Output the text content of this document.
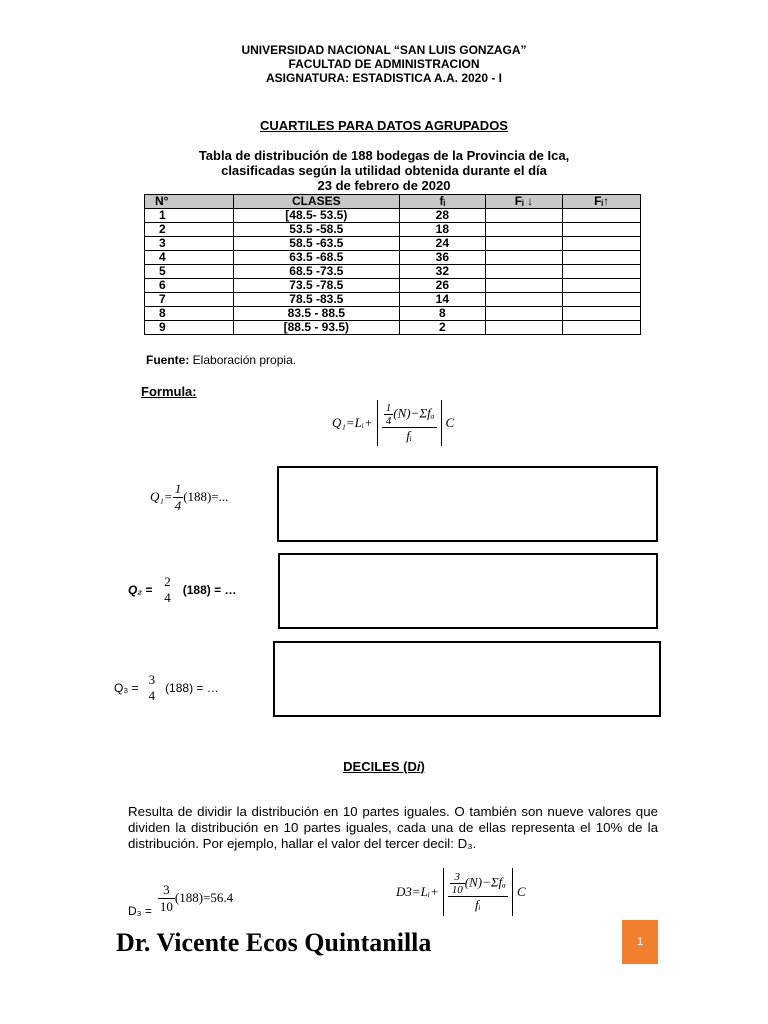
UNIVERSIDAD NACIONAL “SAN LUIS GONZAGA”
FACULTAD DE ADMINISTRACION
ASIGNATURA: ESTADISTICA A.A. 2020 - I
CUARTILES PARA DATOS AGRUPADOS
Tabla de distribución de 188 bodegas de la Provincia de Ica,
clasificadas según la utilidad obtenida durante el día
23 de febrero de 2020
N°	CLASES	fᵢ	Fᵢ ↓	Fᵢ↑
1	[48.5- 53.5)	28		
2	53.5 -58.5	18		
3	58.5 -63.5	24		
4	63.5 -68.5	36		
5	68.5 -73.5	32		
6	73.5 -78.5	26		
7	78.5 -83.5	14		
8	83.5 - 88.5	8		
9	[88.5 - 93.5)	2		
Fuente: Elaboración propia.
Formula:
Q₁=Lᵢ+ $\frac{\frac{1}{4} (N)-\Sigma f_a}{\text{fᵢ}}$ C
$Q_1= \frac{1}{4} (188)=$...
Q₂ =
2
4 (188) = …
Q₃ =
3
4 (188) = …
DECILES (Di)
Resulta de dividir la distribución en 10 partes iguales. O también son nueve valores que dividen la distribución en 10 partes iguales, cada una de ellas representa el 10% de la distribución. Por ejemplo, hallar el valor del tercer decil: D₃.
$D_3 = \frac{3}{10} (188)=56.4$	D3=Lᵢ+ $\frac{\frac{3}{10} (N)-\Sigma f_a}{\text{fᵢ}}$ C
Dr. Vicente Ecos Quintanilla	1
